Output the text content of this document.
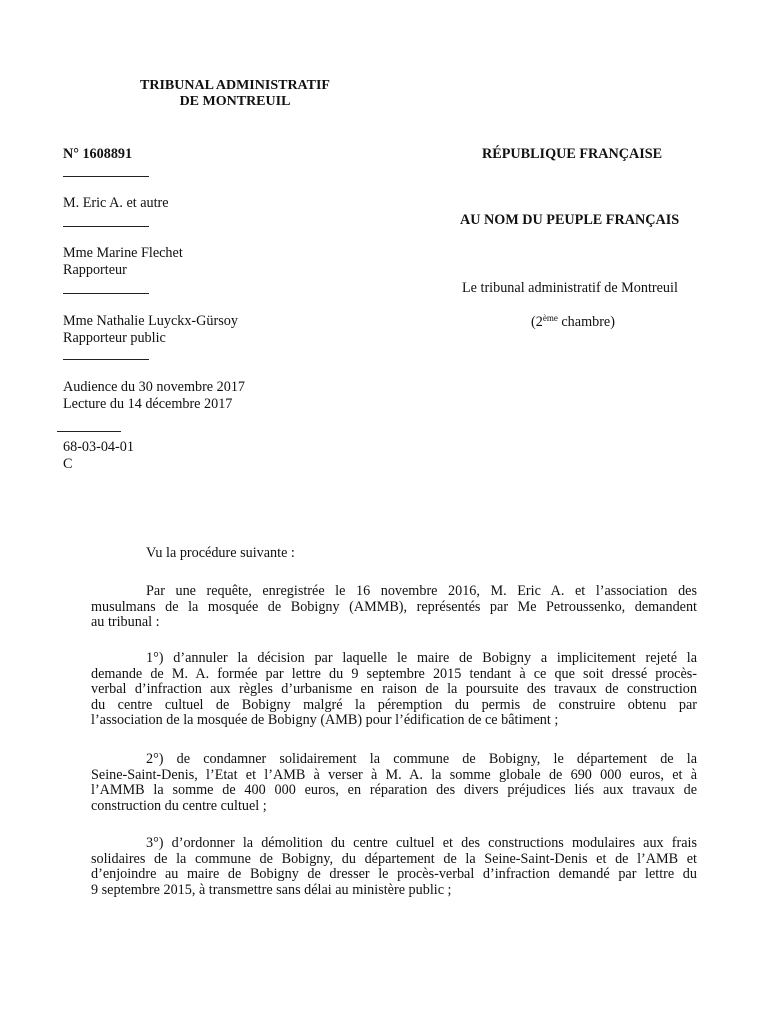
TRIBUNAL ADMINISTRATIF
DE MONTREUIL
N° 1608891
M. Eric A. et autre
Mme Marine Flechet
Rapporteur
Mme Nathalie Luyckx-Gürsoy
Rapporteur public
Audience du 30 novembre 2017
Lecture du 14 décembre 2017
68-03-04-01
C
RÉPUBLIQUE FRANÇAISE
AU NOM DU PEUPLE FRANÇAIS
Le tribunal administratif de Montreuil
(2ème chambre)
Vu la procédure suivante :
Par une requête, enregistrée le 16 novembre 2016, M. Eric A. et l’association des
musulmans de la mosquée de Bobigny (AMMB), représentés par Me Petroussenko, demandent
au tribunal :
1°) d’annuler la décision par laquelle le maire de Bobigny a implicitement rejeté la
demande de M. A. formée par lettre du 9 septembre 2015 tendant à ce que soit dressé procès-
verbal d’infraction aux règles d’urbanisme en raison de la poursuite des travaux de construction
du centre cultuel de Bobigny malgré la péremption du permis de construire obtenu par
l’association de la mosquée de Bobigny (AMB) pour l’édification de ce bâtiment ;
2°) de condamner solidairement la commune de Bobigny, le département de la
Seine-Saint-Denis, l’Etat et l’AMB à verser à M. A. la somme globale de 690 000 euros, et à
l’AMMB la somme de 400 000 euros, en réparation des divers préjudices liés aux travaux de
construction du centre cultuel ;
3°) d’ordonner la démolition du centre cultuel et des constructions modulaires aux frais
solidaires de la commune de Bobigny, du département de la Seine-Saint-Denis et de l’AMB et
d’enjoindre au maire de Bobigny de dresser le procès-verbal d’infraction demandé par lettre du
9 septembre 2015, à transmettre sans délai au ministère public ;
